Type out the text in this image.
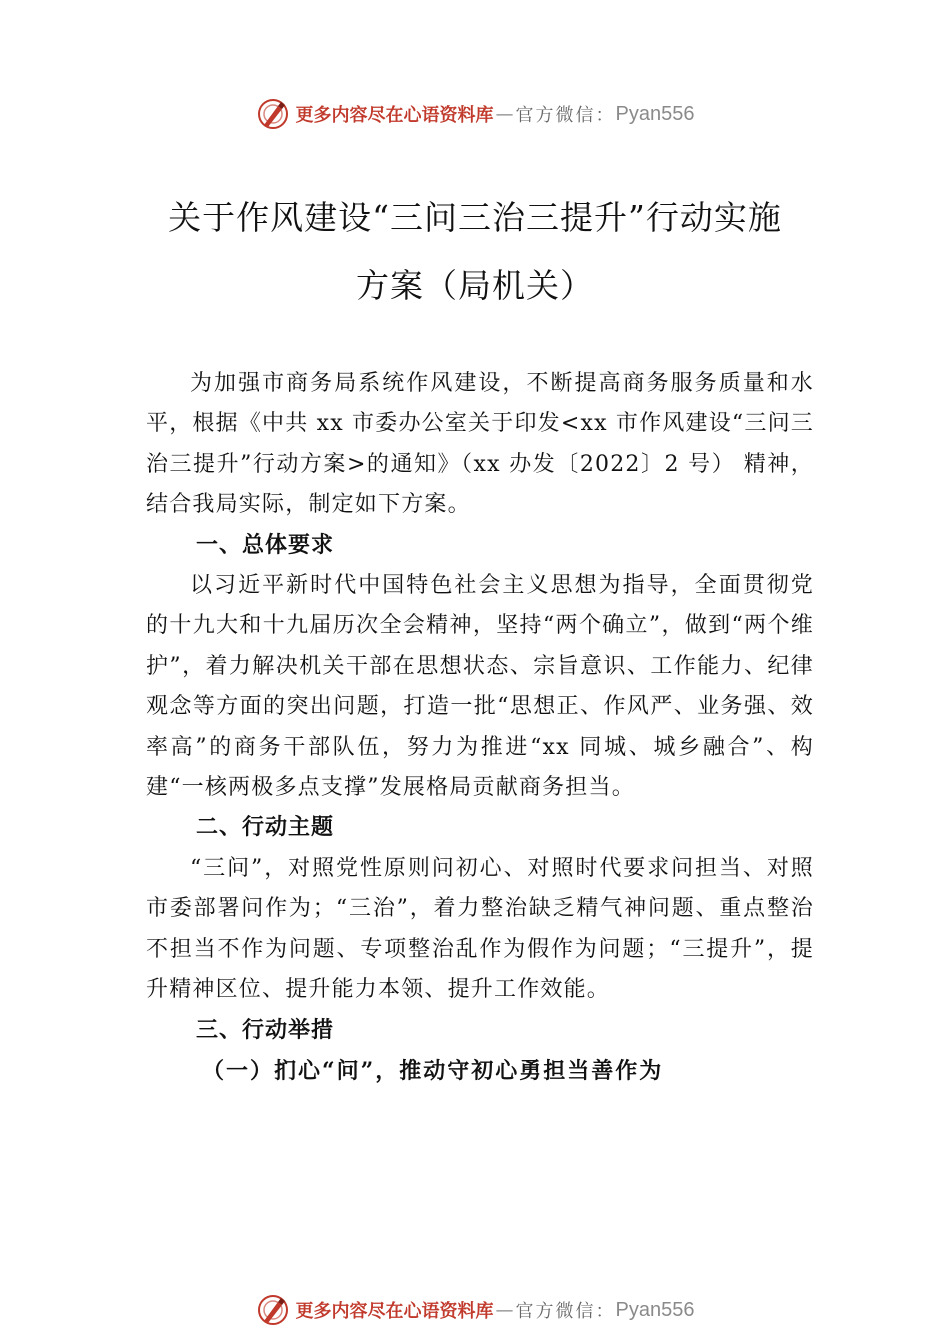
更多内容尽在心语资料库 — 官方微信： Pyan556
关于作风建设“三问三治三提升”行动实施
方案（局机关）

为加强市商务局系统作风建设，不断提高商务服务质量和水平，根据《中共 xx 市委办公室关于印发<xx 市作风建设“三问三治三提升”行动方案>的通知》（xx 办发〔2022〕2 号） 精神，结合我局实际，制定如下方案。

一、总体要求

以习近平新时代中国特色社会主义思想为指导，全面贯彻党的十九大和十九届历次全会精神，坚持“两个确立”，做到“两个维护”，着力解决机关干部在思想状态、宗旨意识、工作能力、纪律观念等方面的突出问题，打造一批“思想正、作风严、业务强、效率高”的商务干部队伍，努力为推进“xx 同城、城乡融合”、构建“一核两极多点支撑”发展格局贡献商务担当。

二、行动主题

“三问”，对照党性原则问初心、对照时代要求问担当、对照市委部署问作为；“三治”，着力整治缺乏精气神问题、重点整治不担当不作为问题、专项整治乱作为假作为问题；“三提升”，提升精神区位、提升能力本领、提升工作效能。

三、行动举措
（一）扪心“问”，推动守初心勇担当善作为
更多内容尽在心语资料库 — 官方微信： Pyan556
